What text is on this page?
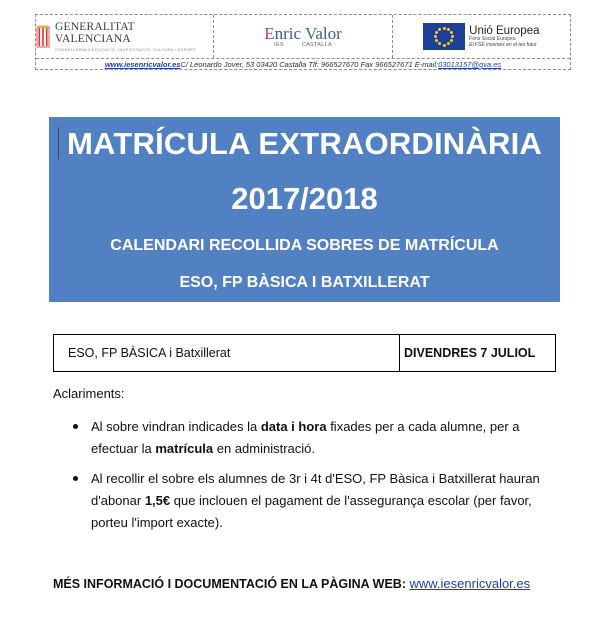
GENERALITAT VALENCIANA
CONSELLERIA D'EDUCACIÓ, INVESTIGACIÓ, CULTURA I ESPORT
Enric Valor
IES	CASTALLA
Unió Europea
Fons Social Europeu
El FSE inverteix en el teu futur
www.iesenricvalor.es C/ Leonardo Jover, 53 03420 Castalla Tlf: 966527670 Fax 966527671 E-mail: 03013157@gva.es
MATRÍCULA EXTRAORDINÀRIA
2017/2018
CALENDARI RECOLLIDA SOBRES DE MATRÍCULA
ESO, FP BÀSICA I BATXILLERAT
ESO, FP BÀSICA i Batxillerat	DIVENDRES 7 JULIOL
Aclariments:
Al sobre vindran indicades la data i hora fixades per a cada alumne, per a efectuar la matrícula en administració.
Al recollir el sobre els alumnes de 3r i 4t d'ESO, FP Bàsica i Batxillerat hauran d'abonar 1,5€ que inclouen el pagament de l'assegurança escolar (per favor, porteu l'import exacte).
MÉS INFORMACIÓ I DOCUMENTACIÓ EN LA PÀGINA WEB: www.iesenricvalor.es
